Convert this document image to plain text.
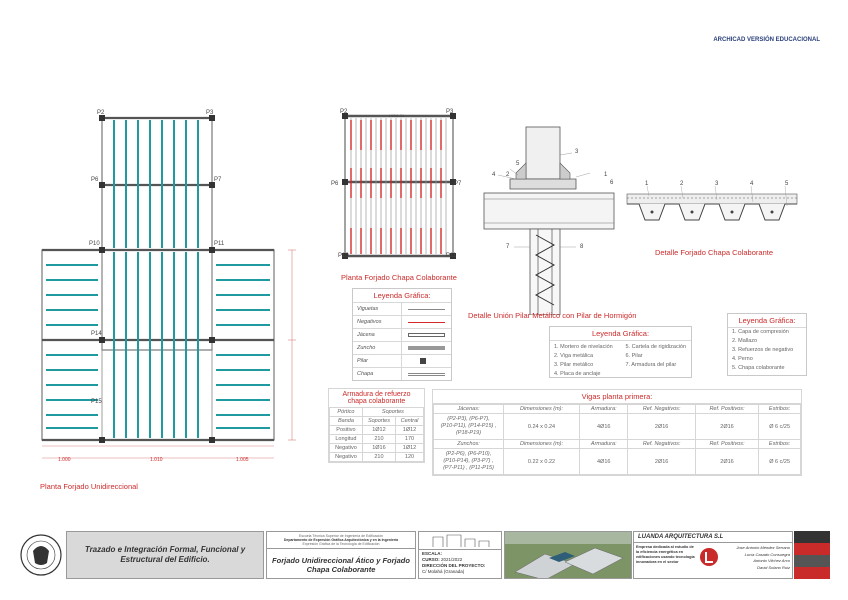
ARCHICAD VERSIÓN EDUCACIONAL
P2	P3
P6	P7
P10	P11
P14
P15
1.000	1.010	1.005
Planta Forjado Unidireccional
P2	P3
P6	P7
P10	P11
VIGA 24
Planta Forjado Chapa Colaborante
Leyenda Gráfica:
Viguetas
Negativos
Jácena
Zuncho
Pilar
Chapa
3
5
4	1
2
7	8
6
Detalle Unión Pilar Metálico con Pilar de Hormigón
Leyenda Gráfica:
1. Mortero de nivelación
2. Viga metálica
3. Pilar metálico
4. Placa de anclaje
5. Cartela de rigidización
6. Pilar
7. Armadura del pilar
1	2	3	4	5
Detalle Forjado Chapa Colaborante
Leyenda Gráfica:
1. Capa de compresión
2. Mallazo
3. Refuerzos de negativo
4. Perno
5. Chapa colaborante
Armadura de refuerzo
chapa colaborante
Pórtico	Soportes	
Banda	Soportes	Central
Positivo	1Ø12	1Ø12
Longitud	210	170
Negativo	1Ø16	1Ø12
Negativo	210	120
Vigas planta primera:
Jácenas:	Dimensiones (m):	Armadura:	Ref. Negativos:	Ref. Positivos:	Estribos:
(P2-P3), (P6-P7),
(P10-P11), (P14-P15) ,
(P18-P19)	0.24 x 0.24	4Ø16	2Ø16	2Ø16	Ø 6 c/25
Zunchos:	Dimensiones (m):	Armadura:	Ref. Negativos:	Ref. Positivos:	Estribos:
(P2-P6), (P6-P10),
(P10-P14), (P3-P7) ,
(P7-P11) , (P11-P15)	0.22 x 0.22	4Ø16	2Ø16	2Ø16	Ø 6 c/25
Trazado e Integración Formal, Funcional y Estructural del Edificio.
Escuela Técnica Superior de Ingeniería de Edificación
Departamento de Expresión Gráfica Arquitectónica y en la Ingeniería
Expresión Gráfica de la Tecnología de Edificación
Forjado Unidireccional Ático y Forjado Chapa Colaborante
ESCALA:
CURSO: 2021/2022
DIRECCIÓN DEL PROYECTO:
C/ Molahá (Granada)
LUANDA ARQUITECTURA S.L
Empresa dedicada al estudio de la eficiencia energética en edificaciones usando tecnología innovadora en el sector
Jose Antonio Méndez Serrano
Lucía Casado Consuegra
Antonio Vilchez Arco
David Solano Ruiz
